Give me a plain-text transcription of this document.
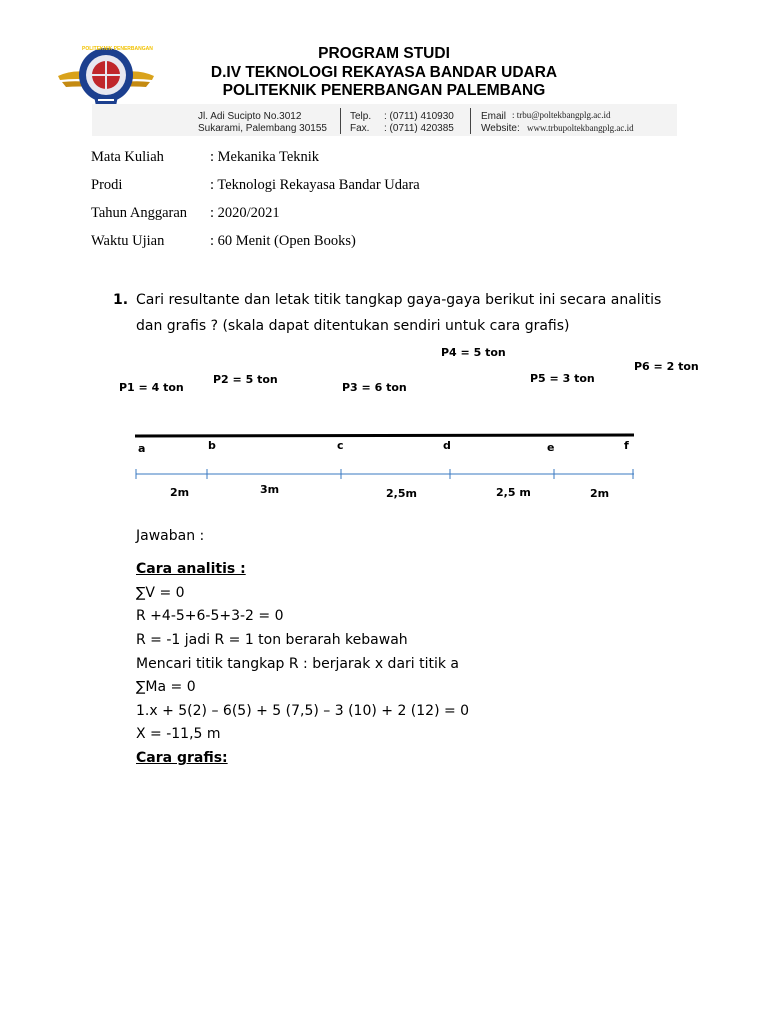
POLITEKNIK PENERBANGAN	PROGRAM STUDI
D.IV TEKNOLOGI REKAYASA BANDAR UDARA
POLITEKNIK PENERBANGAN PALEMBANG
Jl. Adi Sucipto No.3012
Sukarami, Palembang 30155
Telp. : (0711) 410930
Fax. : (0711) 420385
Email : trbu@poltekbangplg.ac.id
Website: www.trbupoltekbangplg.ac.id
Mata Kuliah	: Mekanika Teknik
Prodi	: Teknologi Rekayasa Bandar Udara
Tahun Anggaran : 2020/2021
Waktu Ujian	: 60 Menit (Open Books)
1. Cari resultante dan letak titik tangkap gaya-gaya berikut ini secara analitis
dan grafis ? (skala dapat ditentukan sendiri untuk cara grafis)
P1 = 4 ton
P2 = 5 ton
P3 = 6 ton
P4 = 5 ton
P5 = 3 ton
P6 = 2 ton
a	b	c	d	e	f
2m	3m	2,5m	2,5 m	2m
Jawaban :
Cara analitis :
∑V = 0
R +4-5+6-5+3-2 = 0
R = -1 jadi R = 1 ton berarah kebawah
Mencari titik tangkap R : berjarak x dari titik a
∑Ma = 0
1.x + 5(2) – 6(5) + 5 (7,5) – 3 (10) + 2 (12) = 0
X = -11,5 m
Cara grafis:
